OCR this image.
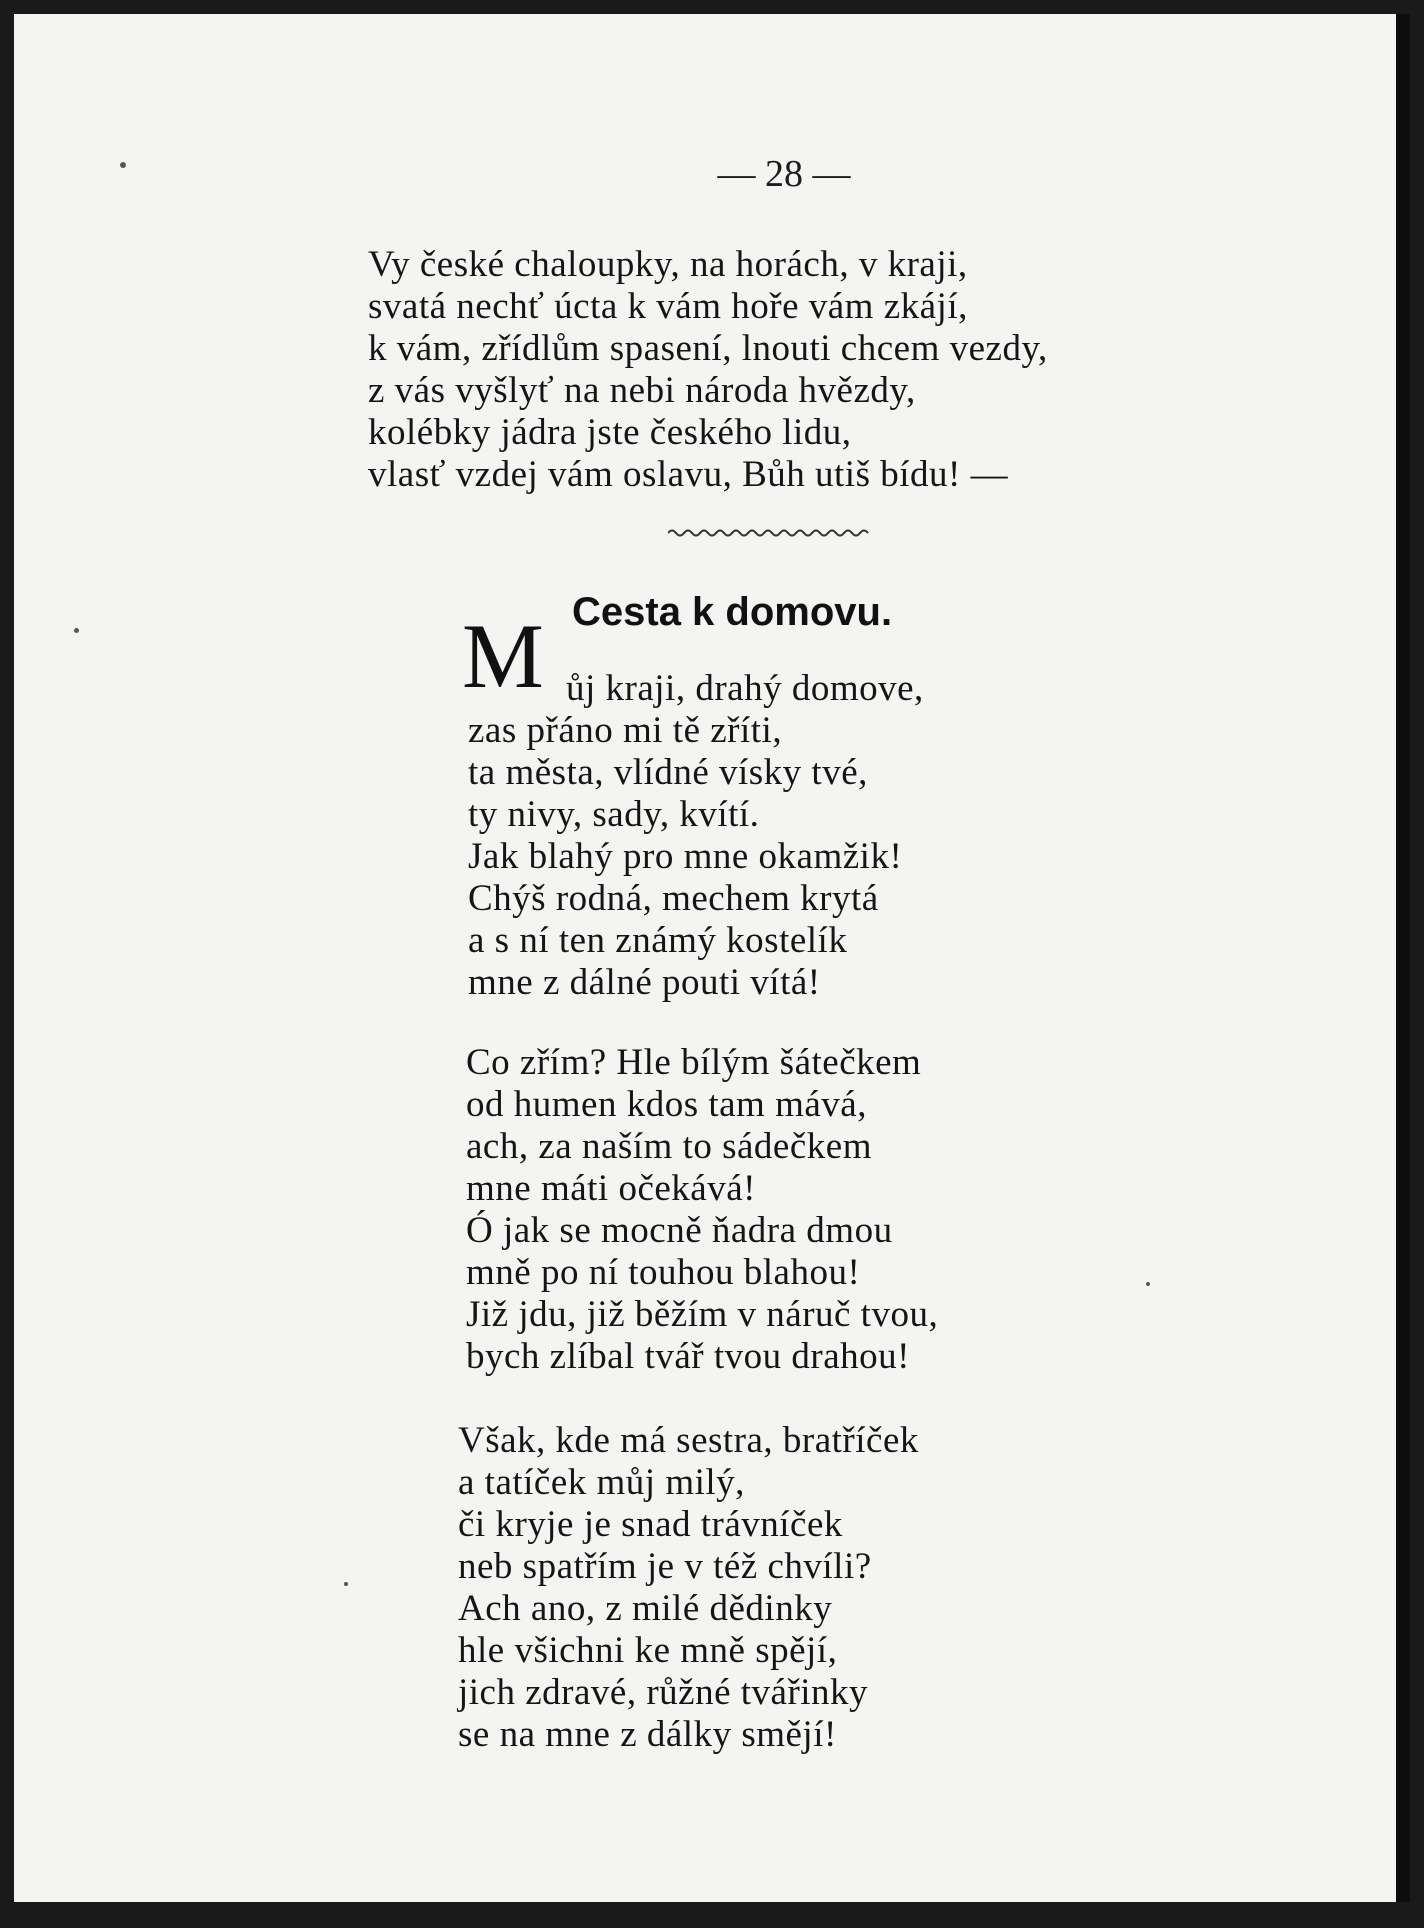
— 28 —
Vy české chaloupky, na horách, v kraji,
svatá nechť úcta k vám hoře vám zkájí,
k vám, zřídlům spasení, lnouti chcem vezdy,
z vás vyšlyť na nebi národa hvězdy,
kolébky jádra jste českého lidu,
vlasť vzdej vám oslavu, Bůh utiš bídu! —
Cesta k domovu.
M ůj kraji, drahý domove,
zas přáno mi tě zříti,
ta města, vlídné vísky tvé,
ty nivy, sady, kvítí.
Jak blahý pro mne okamžik!
Chýš rodná, mechem krytá
a s ní ten známý kostelík
mne z dálné pouti vítá!
Co zřím? Hle bílým šátečkem
od humen kdos tam mává,
ach, za naším to sádečkem
mne máti očekává!
Ó jak se mocně ňadra dmou
mně po ní touhou blahou!
Již jdu, již běžím v náruč tvou,
bych zlíbal tvář tvou drahou!
Však, kde má sestra, bratříček
a tatíček můj milý,
či kryje je snad trávníček
neb spatřím je v též chvíli?
Ach ano, z milé dědinky
hle všichni ke mně spějí,
jich zdravé, růžné tvářinky
se na mne z dálky smějí!
